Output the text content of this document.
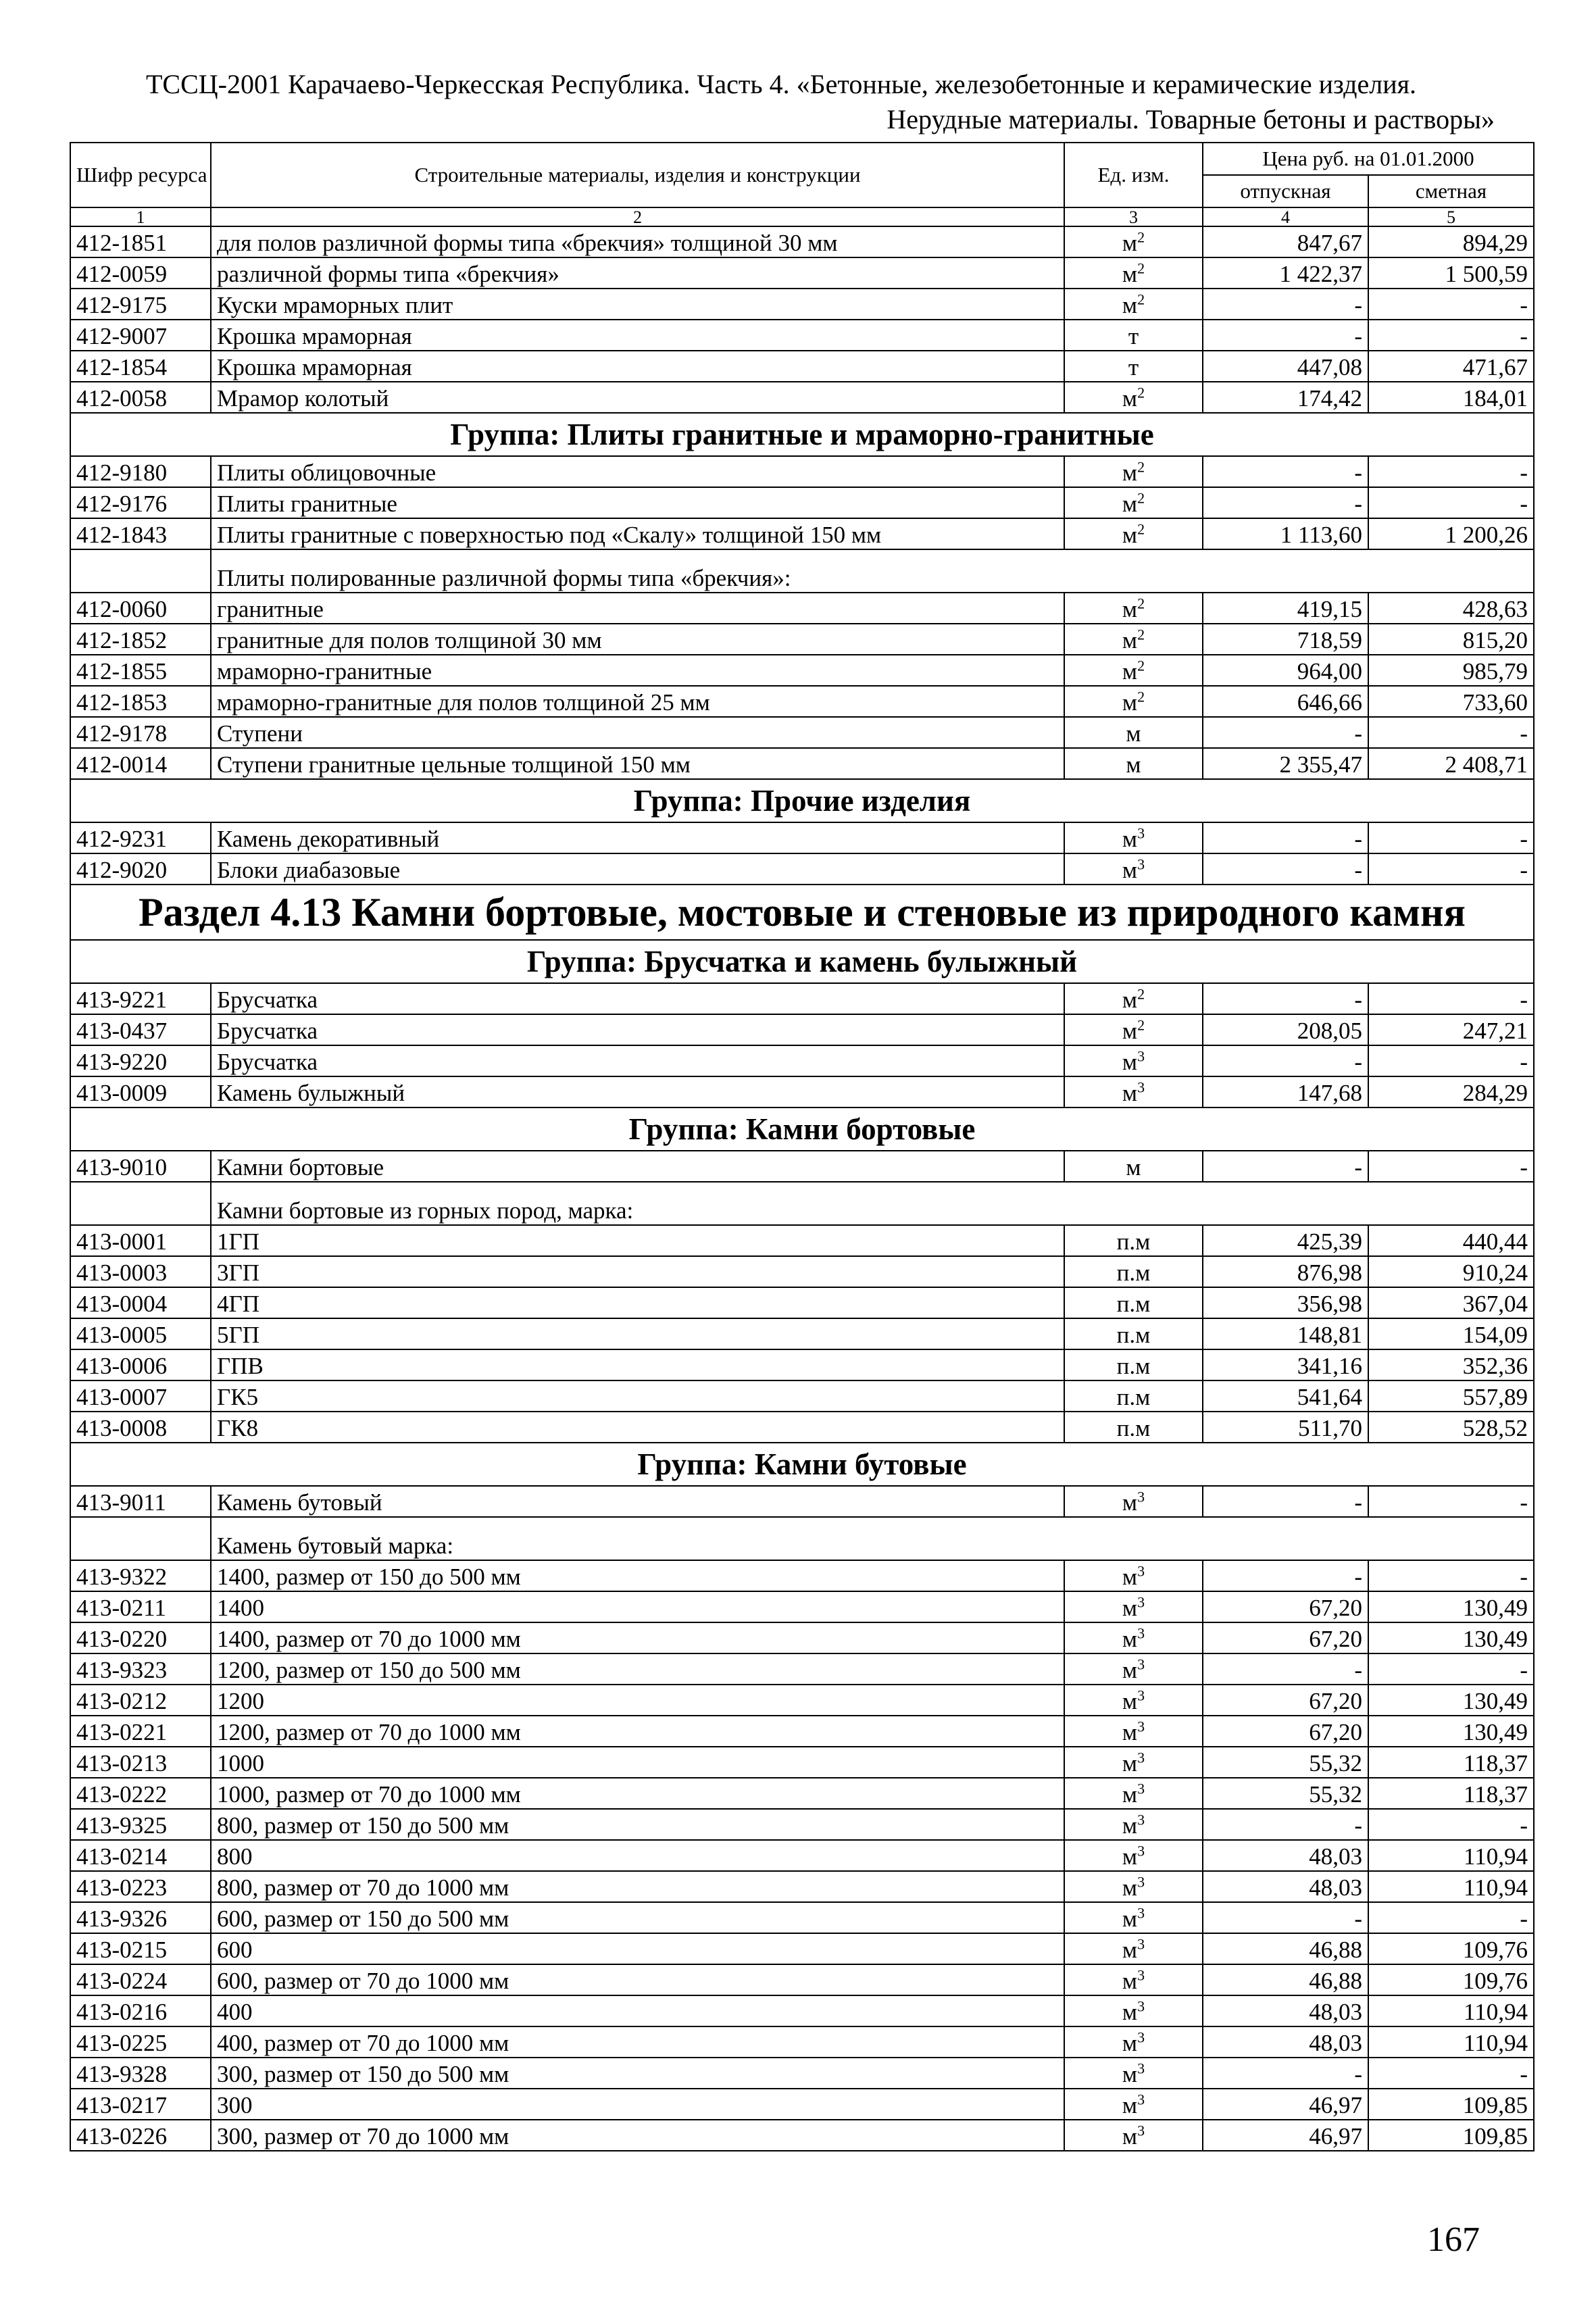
ТССЦ-2001 Карачаево-Черкесская Республика. Часть 4. «Бетонные, железобетонные и керамические изделия.
Нерудные материалы. Товарные бетоны и растворы»
Шифр ресурса	Строительные материалы, изделия и конструкции	Ед. изм.	Цена руб. на 01.01.2000	
			отпускная	сметная
1	2	3	4	5
412-1851	для полов различной формы типа «брекчия» толщиной 30 мм	$м^2$	847,67	894,29
412-0059	различной формы типа «брекчия»	$м^2$	1 422,37	1 500,59
412-9175	Куски мраморных плит	$м^2$	-	-
412-9007	Крошка мраморная	т	-	-
412-1854	Крошка мраморная	т	447,08	471,67
412-0058	Мрамор колотый	$м^2$	174,42	184,01
Группа: Плиты гранитные и мраморно-гранитные				
412-9180	Плиты облицовочные	$м^2$	-	-
412-9176	Плиты гранитные	$м^2$	-	-
412-1843	Плиты гранитные с поверхностью под «Скалу» толщиной 150 мм	$м^2$	1 113,60	1 200,26
	Плиты полированные различной формы типа «брекчия»:			
412-0060	гранитные	$м^2$	419,15	428,63
412-1852	гранитные для полов толщиной 30 мм	$м^2$	718,59	815,20
412-1855	мраморно-гранитные	$м^2$	964,00	985,79
412-1853	мраморно-гранитные для полов толщиной 25 мм	$м^2$	646,66	733,60
412-9178	Ступени	м	-	-
412-0014	Ступени гранитные цельные толщиной 150 мм	м	2 355,47	2 408,71
Группа: Прочие изделия				
412-9231	Камень декоративный	$м^3$	-	-
412-9020	Блоки диабазовые	$м^3$	-	-
Раздел 4.13 Камни бортовые, мостовые и стеновые из природного камня				
Группа: Брусчатка и камень булыжный				
413-9221	Брусчатка	$м^2$	-	-
413-0437	Брусчатка	$м^2$	208,05	247,21
413-9220	Брусчатка	$м^3$	-	-
413-0009	Камень булыжный	$м^3$	147,68	284,29
Группа: Камни бортовые				
413-9010	Камни бортовые	м	-	-
	Камни бортовые из горных пород, марка:			
413-0001	1ГП	п.м	425,39	440,44
413-0003	3ГП	п.м	876,98	910,24
413-0004	4ГП	п.м	356,98	367,04
413-0005	5ГП	п.м	148,81	154,09
413-0006	ГПВ	п.м	341,16	352,36
413-0007	ГК5	п.м	541,64	557,89
413-0008	ГК8	п.м	511,70	528,52
Группа: Камни бутовые				
413-9011	Камень бутовый	$м^3$	-	-
	Камень бутовый марка:			
413-9322	1400, размер от 150 до 500 мм	$м^3$	-	-
413-0211	1400	$м^3$	67,20	130,49
413-0220	1400, размер от 70 до 1000 мм	$м^3$	67,20	130,49
413-9323	1200, размер от 150 до 500 мм	$м^3$	-	-
413-0212	1200	$м^3$	67,20	130,49
413-0221	1200, размер от 70 до 1000 мм	$м^3$	67,20	130,49
413-0213	1000	$м^3$	55,32	118,37
413-0222	1000, размер от 70 до 1000 мм	$м^3$	55,32	118,37
413-9325	800, размер от 150 до 500 мм	$м^3$	-	-
413-0214	800	$м^3$	48,03	110,94
413-0223	800, размер от 70 до 1000 мм	$м^3$	48,03	110,94
413-9326	600, размер от 150 до 500 мм	$м^3$	-	-
413-0215	600	$м^3$	46,88	109,76
413-0224	600, размер от 70 до 1000 мм	$м^3$	46,88	109,76
413-0216	400	$м^3$	48,03	110,94
413-0225	400, размер от 70 до 1000 мм	$м^3$	48,03	110,94
413-9328	300, размер от 150 до 500 мм	$м^3$	-	-
413-0217	300	$м^3$	46,97	109,85
413-0226	300, размер от 70 до 1000 мм	$м^3$	46,97	109,85
167
